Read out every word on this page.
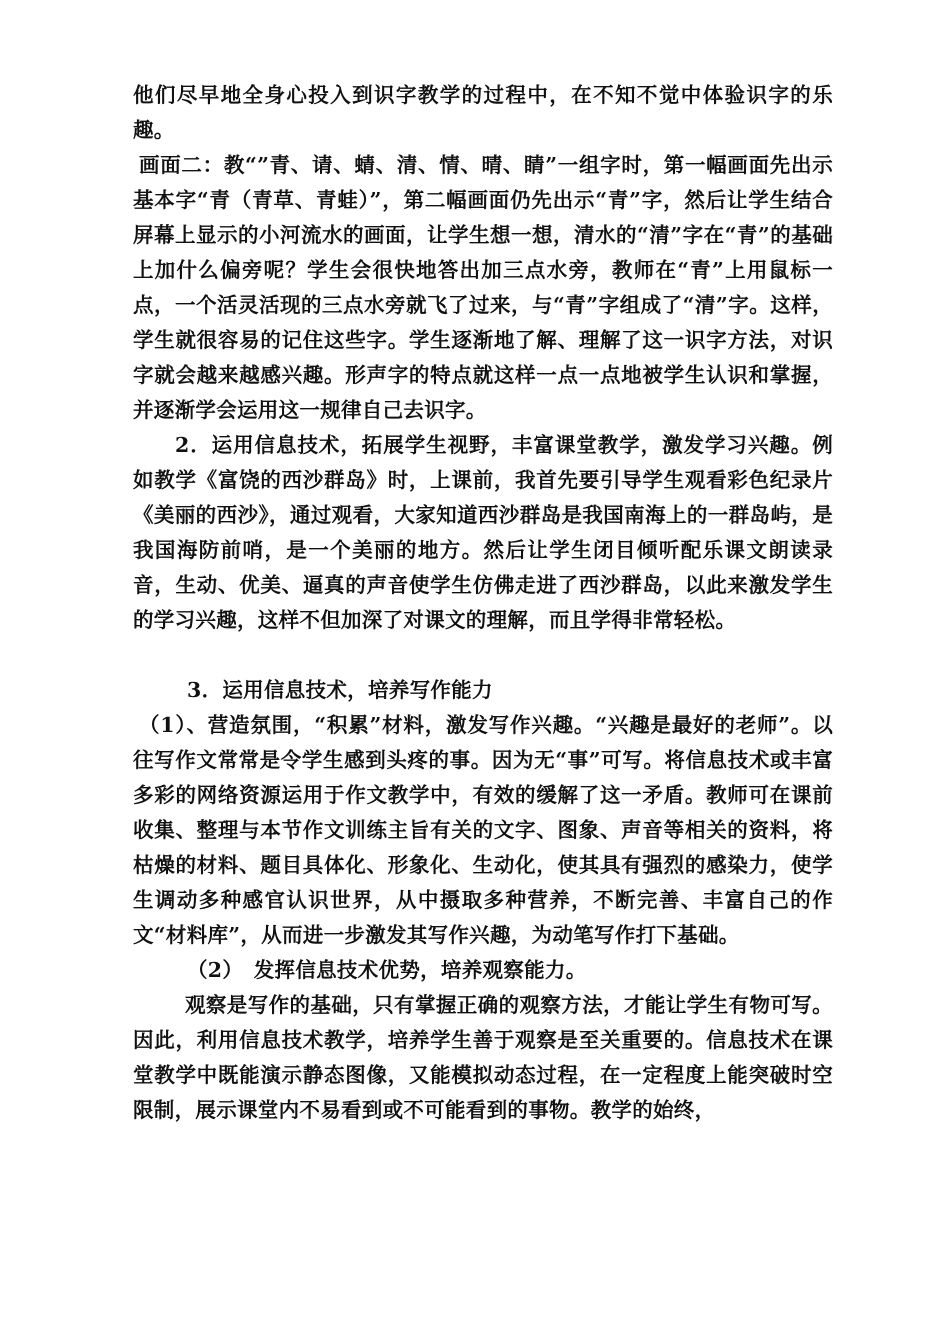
他们尽早地全身心投入到识字教学的过程中，在不知不觉中体验识字的乐趣。

画面二：教“”青、请、蜻、清、情、晴、睛”一组字时，第一幅画面先出示基本字“青（青草、青蛙）”，第二幅画面仍先出示“青”字，然后让学生结合屏幕上显示的小河流水的画面，让学生想一想，清水的“清”字在“青”的基础上加什么偏旁呢？学生会很快地答出加三点水旁，教师在“青”上用鼠标一点，一个活灵活现的三点水旁就飞了过来，与“青”字组成了“清”字。这样，学生就很容易的记住这些字。学生逐渐地了解、理解了这一识字方法，对识字就会越来越感兴趣。形声字的特点就这样一点一点地被学生认识和掌握，并逐渐学会运用这一规律自己去识字。

2．运用信息技术，拓展学生视野，丰富课堂教学，激发学习兴趣。例如教学《富饶的西沙群岛》时，上课前，我首先要引导学生观看彩色纪录片《美丽的西沙》，通过观看，大家知道西沙群岛是我国南海上的一群岛屿，是我国海防前哨，是一个美丽的地方。然后让学生闭目倾听配乐课文朗读录音，生动、优美、逼真的声音使学生仿佛走进了西沙群岛，以此来激发学生的学习兴趣，这样不但加深了对课文的理解，而且学得非常轻松。

3．运用信息技术，培养写作能力

（1）、营造氛围，“积累”材料，激发写作兴趣。“兴趣是最好的老师”。以往写作文常常是令学生感到头疼的事。因为无“事”可写。将信息技术或丰富多彩的网络资源运用于作文教学中，有效的缓解了这一矛盾。教师可在课前收集、整理与本节作文训练主旨有关的文字、图象、声音等相关的资料，将枯燥的材料、题目具体化、形象化、生动化，使其具有强烈的感染力，使学生调动多种感官认识世界，从中摄取多种营养，不断完善、丰富自己的作文“材料库”，从而进一步激发其写作兴趣，为动笔写作打下基础。

（2）　发挥信息技术优势，培养观察能力。

观察是写作的基础，只有掌握正确的观察方法，才能让学生有物可写。因此，利用信息技术教学，培养学生善于观察是至关重要的。信息技术在课堂教学中既能演示静态图像，又能模拟动态过程，在一定程度上能突破时空限制，展示课堂内不易看到或不可能看到的事物。教学的始终，
